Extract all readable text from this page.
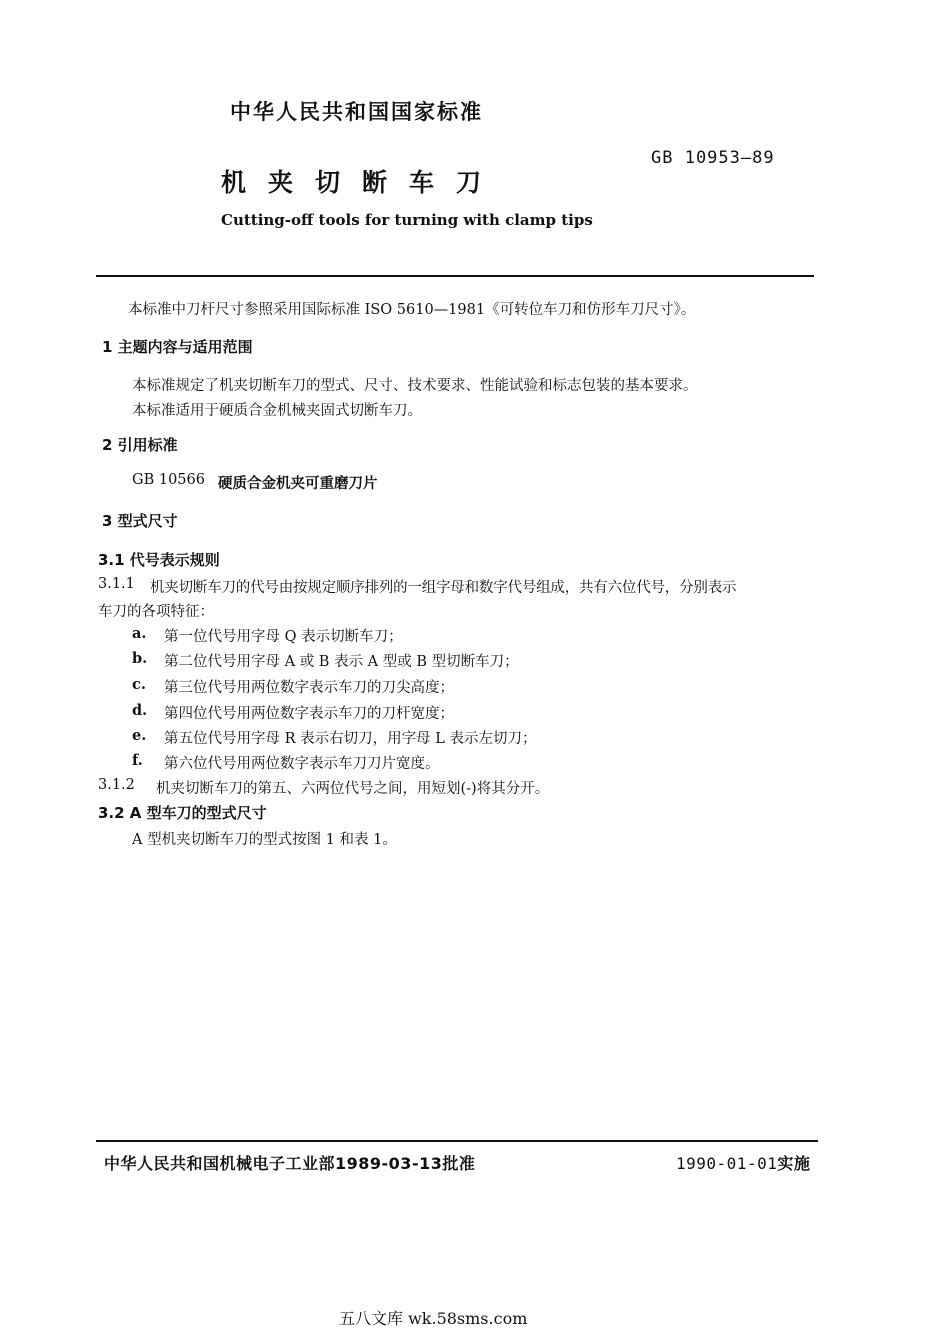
中华人民共和国国家标准
GB 10953—89
机夹切断车刀
Cutting-off tools for turning with clamp tips
本标准中刀杆尺寸参照采用国际标准 ISO 5610—1981《可转位车刀和仿形车刀尺寸》。
1 主题内容与适用范围
本标准规定了机夹切断车刀的型式、尺寸、技术要求、性能试验和标志包装的基本要求。
本标准适用于硬质合金机械夹固式切断车刀。
2 引用标准
GB 10566 硬质合金机夹可重磨刀片
3 型式尺寸
3.1 代号表示规则
3.1.1 机夹切断车刀的代号由按规定顺序排列的一组字母和数字代号组成，共有六位代号，分别表示
车刀的各项特征：
a. 第一位代号用字母 Q 表示切断车刀；
b. 第二位代号用字母 A 或 B 表示 A 型或 B 型切断车刀；
c. 第三位代号用两位数字表示车刀的刀尖高度；
d. 第四位代号用两位数字表示车刀的刀杆宽度；
e. 第五位代号用字母 R 表示右切刀，用字母 L 表示左切刀；
f. 第六位代号用两位数字表示车刀刀片宽度。
3.1.2 机夹切断车刀的第五、六两位代号之间，用短划(-)将其分开。
3.2 A 型车刀的型式尺寸
A 型机夹切断车刀的型式按图 1 和表 1。
中华人民共和国机械电子工业部1989-03-13批准	1990-01-01实施
五八文库 wk.58sms.com
